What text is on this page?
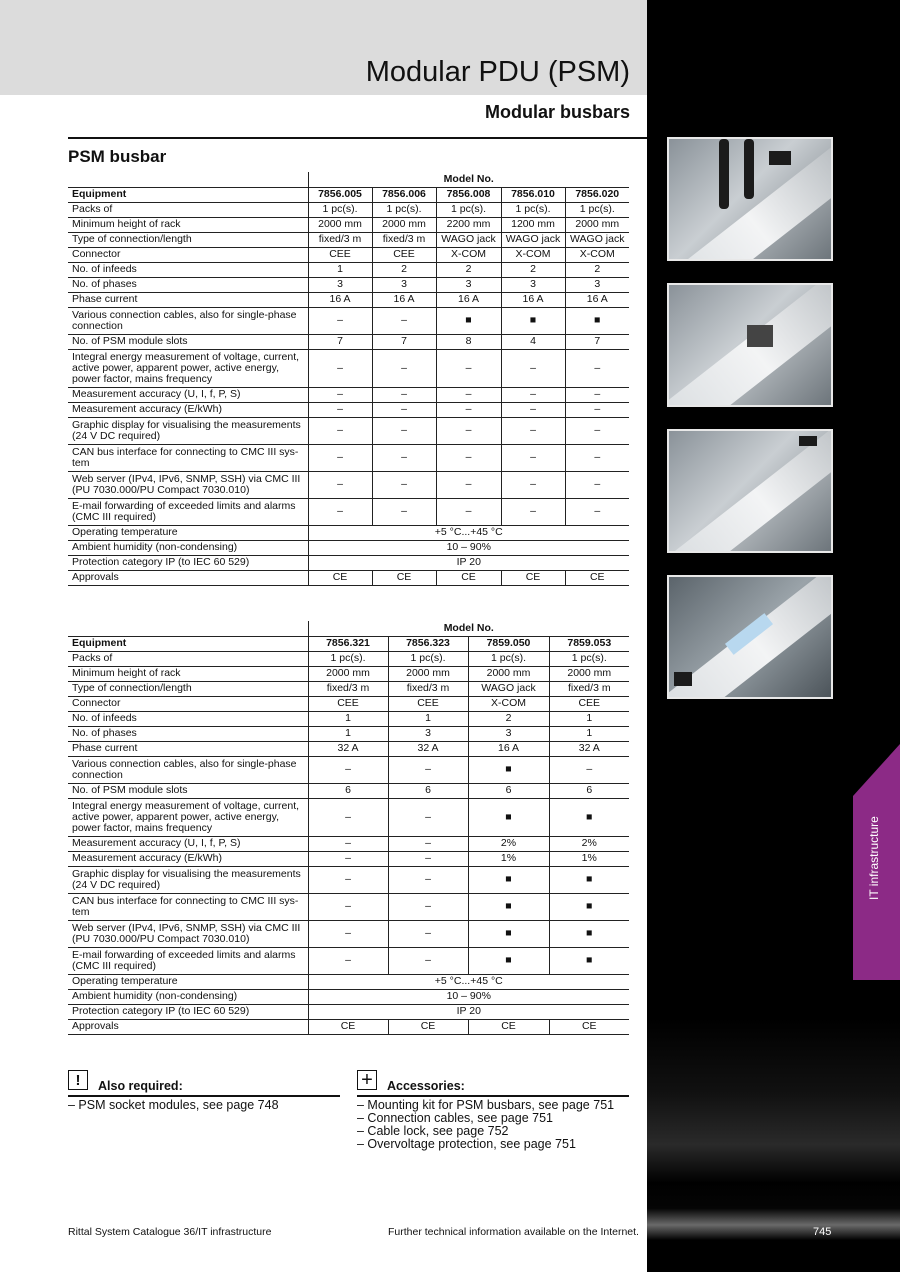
Modular PDU (PSM)
Modular busbars
PSM busbar
IT infrastructure
	Model No.				
Equipment	7856.005	7856.006	7856.008	7856.010	7856.020
Packs of	1 pc(s).	1 pc(s).	1 pc(s).	1 pc(s).	1 pc(s).
Minimum height of rack	2000 mm	2000 mm	2200 mm	1200 mm	2000 mm
Type of connection/length	fixed/3 m	fixed/3 m	WAGO jack	WAGO jack	WAGO jack
Connector	CEE	CEE	X-COM	X-COM	X-COM
No. of infeeds	1	2	2	2	2
No. of phases	3	3	3	3	3
Phase current	16 A	16 A	16 A	16 A	16 A
Various connection cables, also for single-phase connection	–	–	■	■	■
No. of PSM module slots	7	7	8	4	7
Integral energy measurement of voltage, current, active power, apparent power, active energy, power factor, mains frequency	–	–	–	–	–
Measurement accuracy (U, I, f, P, S)	–	–	–	–	–
Measurement accuracy (E/kWh)	–	–	–	–	–
Graphic display for visualising the measurements (24 V DC required)	–	–	–	–	–
CAN bus interface for connecting to CMC III sys-tem	–	–	–	–	–
Web server (IPv4, IPv6, SNMP, SSH) via CMC III (PU 7030.000/PU Compact 7030.010)	–	–	–	–	–
E-mail forwarding of exceeded limits and alarms (CMC III required)	–	–	–	–	–
Operating temperature	+5 °C...+45 °C				
Ambient humidity (non-condensing)	10 – 90%				
Protection category IP (to IEC 60 529)	IP 20				
Approvals	CE	CE	CE	CE	CE
	Model No.			
Equipment	7856.321	7856.323	7859.050	7859.053
Packs of	1 pc(s).	1 pc(s).	1 pc(s).	1 pc(s).
Minimum height of rack	2000 mm	2000 mm	2000 mm	2000 mm
Type of connection/length	fixed/3 m	fixed/3 m	WAGO jack	fixed/3 m
Connector	CEE	CEE	X-COM	CEE
No. of infeeds	1	1	2	1
No. of phases	1	3	3	1
Phase current	32 A	32 A	16 A	32 A
Various connection cables, also for single-phase connection	–	–	■	–
No. of PSM module slots	6	6	6	6
Integral energy measurement of voltage, current, active power, apparent power, active energy, power factor, mains frequency	–	–	■	■
Measurement accuracy (U, I, f, P, S)	–	–	2%	2%
Measurement accuracy (E/kWh)	–	–	1%	1%
Graphic display for visualising the measurements (24 V DC required)	–	–	■	■
CAN bus interface for connecting to CMC III sys-tem	–	–	■	■
Web server (IPv4, IPv6, SNMP, SSH) via CMC III (PU 7030.000/PU Compact 7030.010)	–	–	■	■
E-mail forwarding of exceeded limits and alarms (CMC III required)	–	–	■	■
Operating temperature	+5 °C...+45 °C			
Ambient humidity (non-condensing)	10 – 90%			
Protection category IP (to IEC 60 529)	IP 20			
Approvals	CE	CE	CE	CE
!	Also required:
– PSM socket modules, see page 748
+	Accessories:
– Mounting kit for PSM busbars, see page 751
– Connection cables, see page 751
– Cable lock, see page 752
– Overvoltage protection, see page 751
Rittal System Catalogue 36/IT infrastructure	Further technical information available on the Internet.	745
